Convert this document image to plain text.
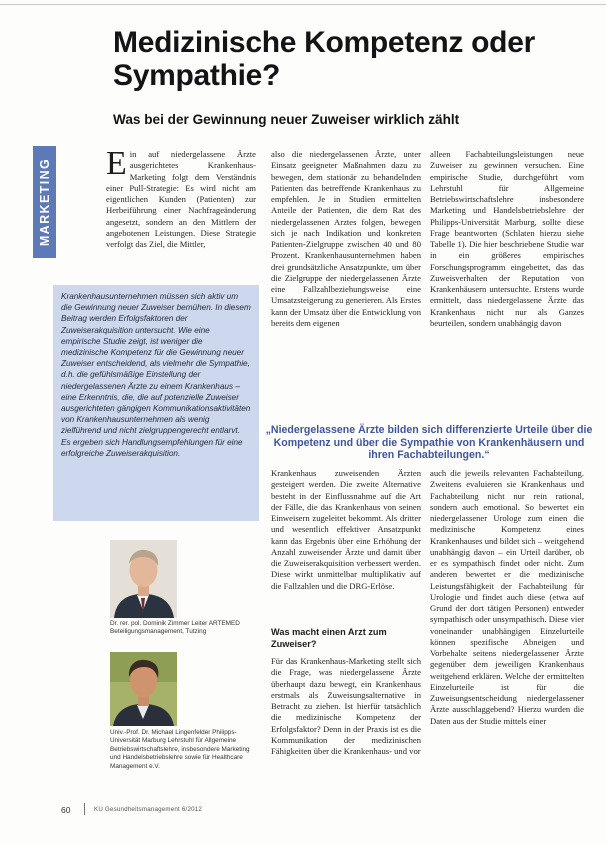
Medizinische Kompetenz oder Sympathie?
Was bei der Gewinnung neuer Zuweiser wirklich zählt
MARKETING Ein auf niedergelassene Ärzte ausgerichtetes Krankenhaus-Marketing folgt dem Verständnis einer Pull-Strategie: Es wird nicht am eigentlichen Kunden (Patienten) zur Herbeiführung einer Nachfrageänderung angesetzt, sondern an den Mittlern der angebotenen Leistungen. Diese Strategie verfolgt das Ziel, die Mittler,

also die niedergelassenen Ärzte, unter Einsatz geeigneter Maßnahmen dazu zu bewegen, dem stationär zu behandelnden Patienten das betreffende Krankenhaus zu empfehlen. Je in Studien ermittelten Anteile der Patienten, die dem Rat des niedergelassenen Arztes folgen, bewegen sich je nach Indikation und konkreten Patienten-Zielgruppe zwischen 40 und 80 Prozent. Krankenhausunternehmen haben drei grundsätzliche Ansatzpunkte, um über die Zielgruppe der niedergelassenen Ärzte eine Fallzahlbeziehungsweise eine Umsatzsteigerung zu generieren. Als Erstes kann der Umsatz über die Entwicklung von bereits dem eigenen

alleen Fachabteilungsleistungen neue Zuweiser zu gewinnen versuchen. Eine empirische Studie, durchgeführt vom Lehrstuhl für Allgemeine Betriebswirtschaftslehre insbesondere Marketing und Handelsbetriebslehre der Philipps-Universität Marburg, sollte diese Frage beantworten (Schlaten hierzu siehe Tabelle 1). Die hier beschriebene Studie war in ein größeres empirisches Forschungsprogramm eingebettet, das das Zuweisverhalten der Reputation von Krankenhäusern untersuchte. Erstens wurde ermittelt, dass niedergelassene Ärzte das Krankenhaus nicht nur als Ganzes beurteilen, sondern unabhängig davon

Krankenhausunternehmen müssen sich aktiv um die Gewinnung neuer Zuweiser bemühen. In diesem Beitrag werden Erfolgsfaktoren der Zuweiserakquisition untersucht. Wie eine empirische Studie zeigt, ist weniger die medizinische Kompetenz für die Gewinnung neuer Zuweiser entscheidend, als vielmehr die Sympathie, d.h. die gefühlsmäßige Einstellung der niedergelassenen Ärzte zu einem Krankenhaus – eine Erkenntnis, die, die auf potenzielle Zuweiser ausgerichteten gängigen Kommunikationsaktivitäten von Krankenhausunternehmen als wenig zielführend und nicht zielgruppengerecht entlarvt. Es ergeben sich Handlungsempfehlungen für eine erfolgreiche Zuweiserakquisition.

„Niedergelassene Ärzte bilden sich differenzierte Urteile über die Kompetenz und über die Sympathie von Krankenhäusern und ihren Fachabteilungen.“

Krankenhaus zuweisenden Ärzten gesteigert werden. Die zweite Alternative besteht in der Einflussnahme auf die Art der Fälle, die das Krankenhaus von seinen Einweisern zugeleitet bekommt. Als dritter und wesentlich effektiver Ansatzpunkt kann das Ergebnis über eine Erhöhung der Anzahl zuweisender Ärzte und damit über die Zuweiserakquisition verbessert werden. Diese wirkt unmittelbar multiplikativ auf die Fallzahlen und die DRG-Erlöse.

Was macht einen Arzt zum Zuweiser?

Für das Krankenhaus-Marketing stellt sich die Frage, was niedergelassene Ärzte überhaupt dazu bewegt, ein Krankenhaus erstmals als Zuweisungsalternative in Betracht zu ziehen. Ist hierfür tatsächlich die medizinische Kompetenz der Erfolgsfaktor? Denn in der Praxis ist es die Kommunikation der medizinischen Fähigkeiten über die Krankenhaus- und vor

auch die jeweils relevanten Fachabteilung. Zweitens evaluieren sie Krankenhaus und Fachabteilung nicht nur rein rational, sondern auch emotional. So bewertet ein niedergelassener Urologe zum einen die medizinische Kompetenz eines Krankenhauses und bildet sich – weitgehend unabhängig davon – ein Urteil darüber, ob er es sympathisch findet oder nicht. Zum anderen bewertet er die medizinische Leistungsfähigkeit der Fachabteilung für Urologie und findet auch diese (etwa auf Grund der dort tätigen Personen) entweder sympathisch oder unsympathisch. Diese vier voneinander unabhängigen Einzelurteile können spezifische Abneigen und Vorbehalte seitens niedergelassener Ärzte gegenüber dem jeweiligen Krankenhaus weitgehend erklären. Welche der ermittelten Einzelurteile ist für die Zuweisungsentscheidung niedergelassener Ärzte ausschlaggebend? Hierzu wurden die Daten aus der Studie mittels einer

Dr. rer. pol. Dominik Zimmer Leiter ARTEMED Beteiligungsmanagement, Tutzing

Univ.-Prof. Dr. Michael Lingenfelder Philipps-Universität Marburg Lehrstuhl für Allgemeine Betriebswirtschaftslehre, insbesondere Marketing und Handelsbetriebslehre sowie für Healthcare Management e.V.

60	KU Gesundheitsmanagement 6/2012
